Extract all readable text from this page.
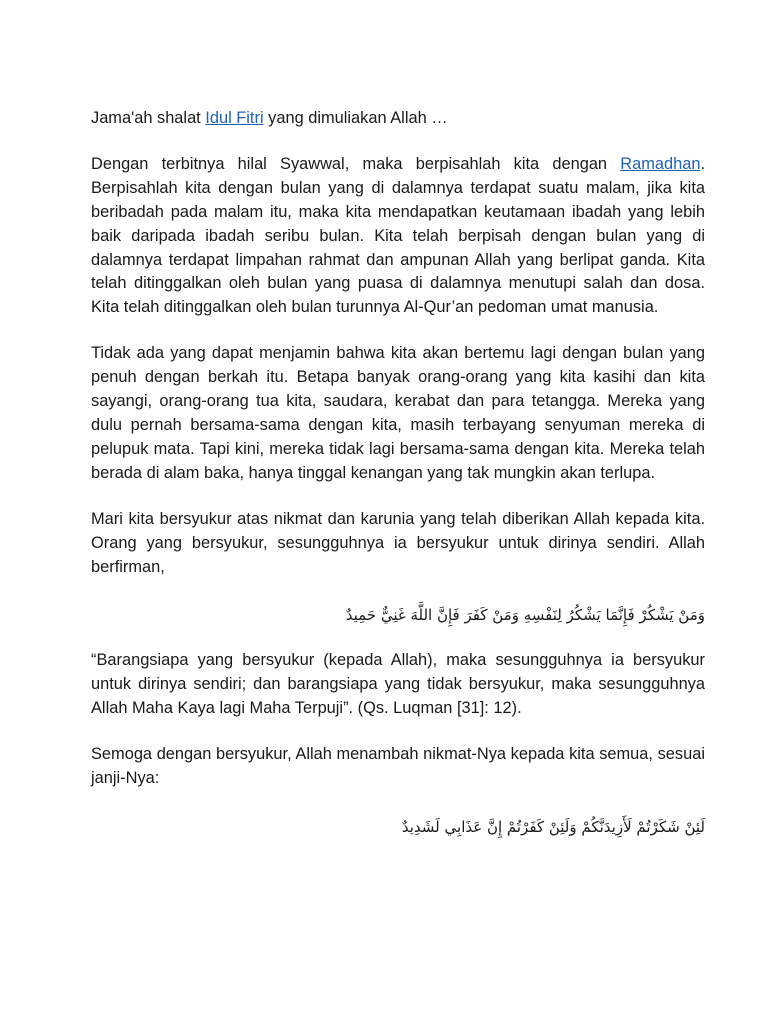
Jama'ah shalat Idul Fitri yang dimuliakan Allah …

Dengan terbitnya hilal Syawwal, maka berpisahlah kita dengan Ramadhan. Berpisahlah kita dengan bulan yang di dalamnya terdapat suatu malam, jika kita beribadah pada malam itu, maka kita mendapatkan keutamaan ibadah yang lebih baik daripada ibadah seribu bulan. Kita telah berpisah dengan bulan yang di dalamnya terdapat limpahan rahmat dan ampunan Allah yang berlipat ganda. Kita telah ditinggalkan oleh bulan yang puasa di dalamnya menutupi salah dan dosa. Kita telah ditinggalkan oleh bulan turunnya Al-Qur’an pedoman umat manusia.

Tidak ada yang dapat menjamin bahwa kita akan bertemu lagi dengan bulan yang penuh dengan berkah itu. Betapa banyak orang-orang yang kita kasihi dan kita sayangi, orang-orang tua kita, saudara, kerabat dan para tetangga. Mereka yang dulu pernah bersama-sama dengan kita, masih terbayang senyuman mereka di pelupuk mata. Tapi kini, mereka tidak lagi bersama-sama dengan kita. Mereka telah berada di alam baka, hanya tinggal kenangan yang tak mungkin akan terlupa.

Mari kita bersyukur atas nikmat dan karunia yang telah diberikan Allah kepada kita. Orang yang bersyukur, sesungguhnya ia bersyukur untuk dirinya sendiri. Allah berfirman,

وَمَنْ يَشْكُرْ فَإِنَّمَا يَشْكُرُ لِنَفْسِهِ وَمَنْ كَفَرَ فَإِنَّ اللَّهَ غَنِيٌّ حَمِيدٌ

“Barangsiapa yang bersyukur (kepada Allah), maka sesungguhnya ia bersyukur untuk dirinya sendiri; dan barangsiapa yang tidak bersyukur, maka sesungguhnya Allah Maha Kaya lagi Maha Terpuji”. (Qs. Luqman [31]: 12).

Semoga dengan bersyukur, Allah menambah nikmat-Nya kepada kita semua, sesuai janji-Nya:

لَئِنْ شَكَرْتُمْ لَأَزِيدَنَّكُمْ وَلَئِنْ كَفَرْتُمْ إِنَّ عَذَابِي لَشَدِيدٌ
